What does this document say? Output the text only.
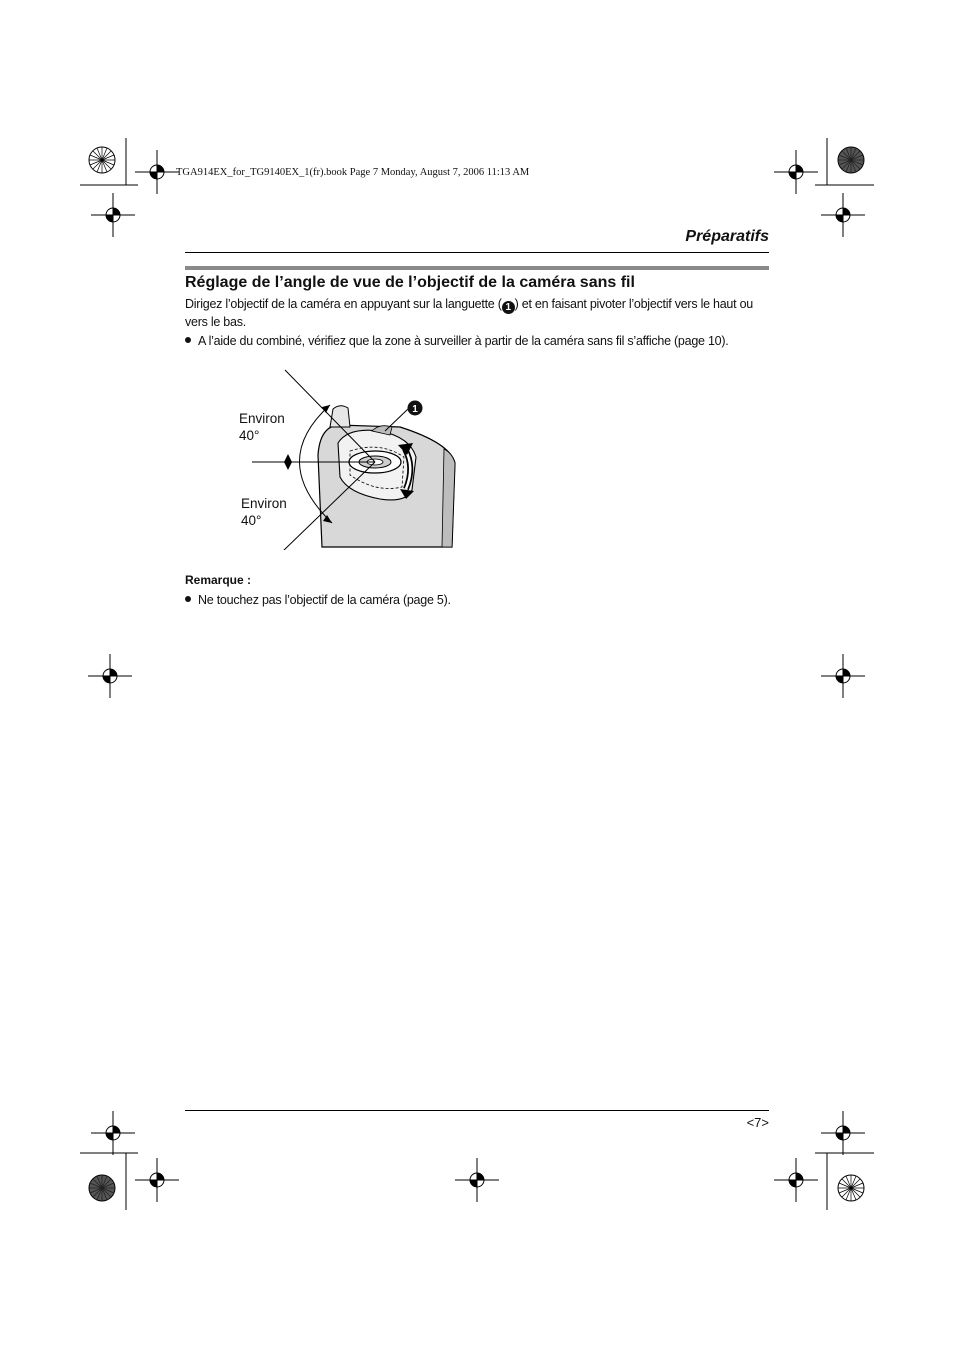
TGA914EX_for_TG9140EX_1(fr).book Page 7 Monday, August 7, 2006 11:13 AM
Préparatifs
Réglage de l’angle de vue de l’objectif de la caméra sans fil
Dirigez l’objectif de la caméra en appuyant sur la languette ( 1 ) et en faisant pivoter l’objectif vers le haut ou vers le bas.
A l’aide du combiné, vérifiez que la zone à surveiller à partir de la caméra sans fil s’affiche (page 10).
1
Environ
40°
Environ
40°
Remarque :
Ne touchez pas l’objectif de la caméra (page 5).
<7>
